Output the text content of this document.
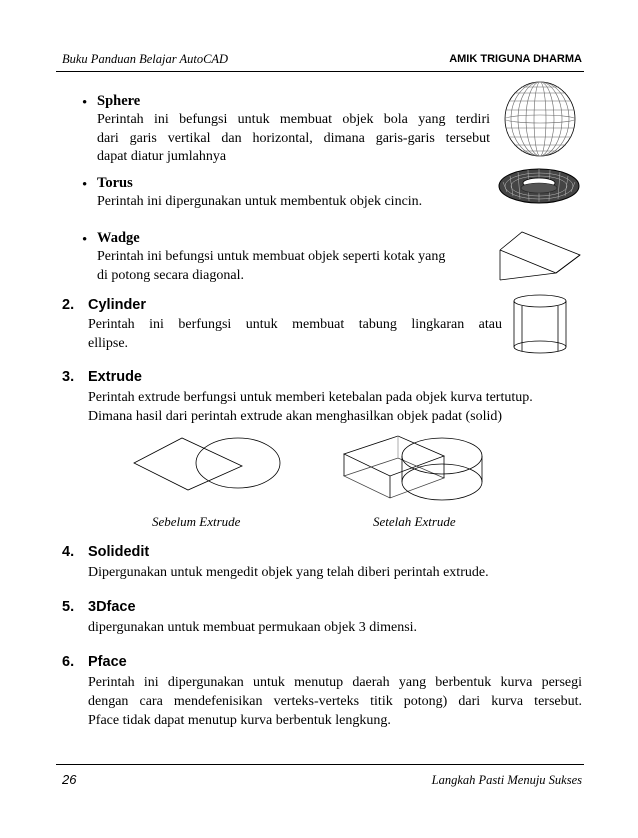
Buku Panduan Belajar AutoCAD	AMIK TRIGUNA DHARMA
• Sphere
Perintah ini befungsi untuk membuat objek bola yang terdiri
dari garis vertikal dan horizontal, dimana garis-garis tersebut
dapat diatur jumlahnya
• Torus
Perintah ini dipergunakan untuk membentuk objek cincin.
• Wadge
Perintah ini befungsi untuk membuat objek seperti kotak yang
di potong secara diagonal.
2. Cylinder
Perintah ini berfungsi untuk membuat tabung lingkaran atau
ellipse.
3. Extrude
Perintah extrude berfungsi untuk memberi ketebalan pada objek kurva tertutup.
Dimana hasil dari perintah extrude akan menghasilkan objek padat (solid)
Sebelum Extrude	Setelah Extrude
4. Solidedit
Dipergunakan untuk mengedit objek yang telah diberi perintah extrude.
5. 3Dface
dipergunakan untuk membuat permukaan objek 3 dimensi.
6. Pface
Perintah ini dipergunakan untuk menutup daerah yang berbentuk kurva persegi
dengan cara mendefenisikan verteks-verteks titik potong) dari kurva tersebut.
Pface tidak dapat menutup kurva berbentuk lengkung.
26	Langkah Pasti Menuju Sukses
